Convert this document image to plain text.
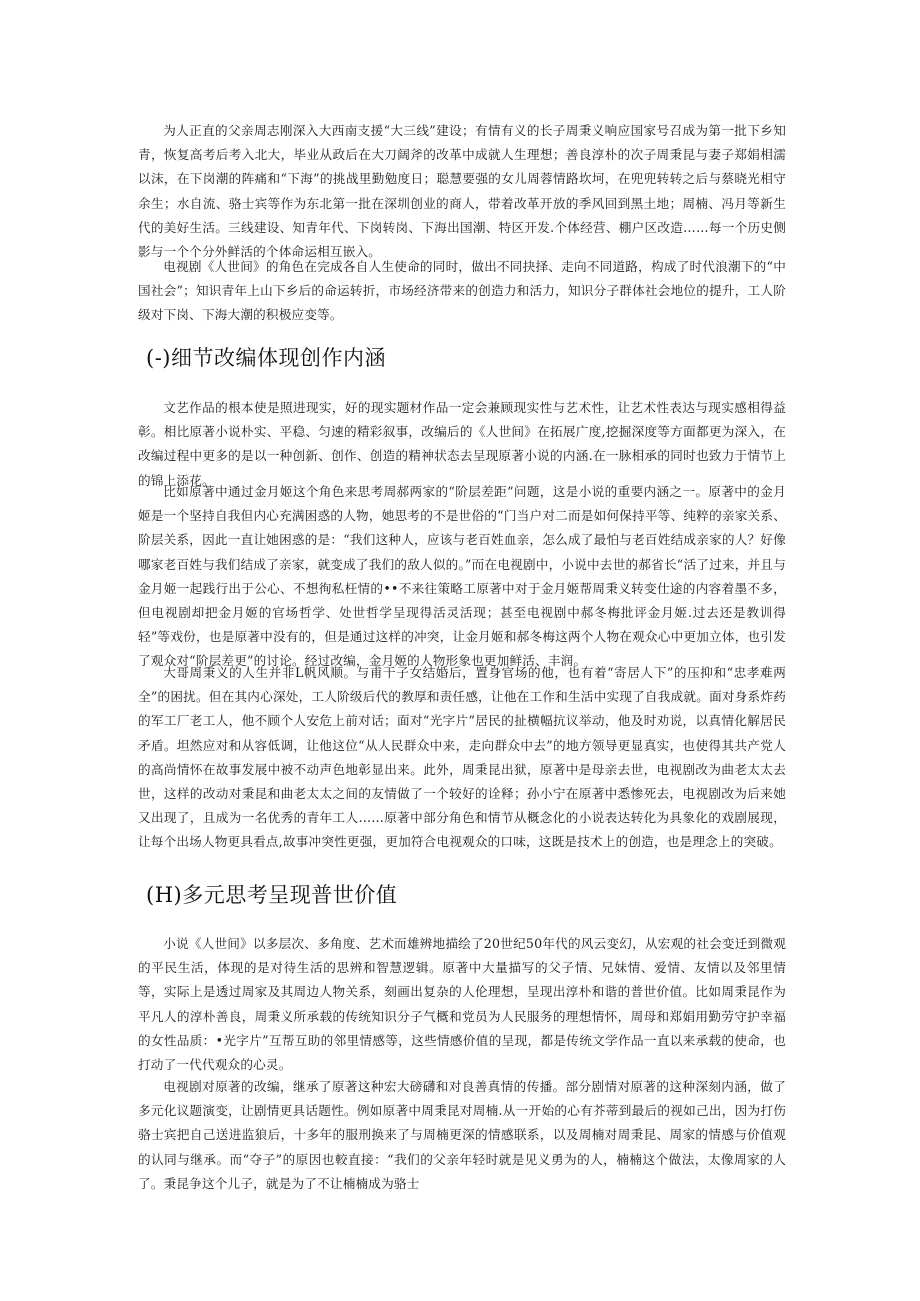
为人正直的父亲周志刚深入大西南支援“大三线”建设；有情有义的长子周秉义响应国家号召成为第一批下乡知青，恢复高考后考入北大，毕业从政后在大刀阔斧的改革中成就人生理想；善良淳朴的次子周秉昆与妻子郑娟相濡以沫，在下岗潮的阵痛和“下海”的挑战里勤勉度日；聪慧要强的女儿周蓉情路坎坷，在兜兜转转之后与蔡晓光相守余生；水自流、骆士宾等作为东北第一批在深圳创业的商人，带着改革开放的季风回到黑土地；周楠、冯月等新生代的美好生活。三线建设、知青年代、下岗转岗、下海出国潮、特区开发.个体经营、棚户区改造……每一个历史侧影与一个个分外鲜活的个体命运相互嵌入。

电视剧《人世间》的角色在完成各自人生使命的同时，做出不同抉择、走向不同道路，构成了时代浪潮下的“中国社会”；知识青年上山下乡后的命运转折，市场经济带来的创造力和活力，知识分子群体社会地位的提升，工人阶级对下岗、下海大潮的积极应变等。

(-)细节改编体现创作内涵

文艺作品的根本使是照进现实，好的现实题材作品一定会兼顾现实性与艺术性，让艺术性表达与现实感相得益彰。相比原著小说朴实、平稳、匀速的精彩叙事，改编后的《人世间》在拓展广度,挖掘深度等方面都更为深入，在改编过程中更多的是以一种创新、创作、创造的精神状态去呈现原著小说的内涵.在一脉相承的同时也致力于情节上的锦上添花。

比如原著中通过金月姬这个角色来思考周郝两家的“阶层差距”问题，这是小说的重要内涵之一。原著中的金月姬是一个坚持自我但内心充满困惑的人物，她思考的不是世俗的“门当户对二而是如何保持平等、纯粹的亲家关系、阶层关系，因此一直让她困惑的是：“我们这种人，应该与老百姓血亲，怎么成了最怕与老百姓结成亲家的人？好像哪家老百姓与我们结成了亲家，就变成了我们的敌人似的。”而在电视剧中，小说中去世的郝省长“活了过来，并且与金月姬一起践行出于公心、不想徇私枉情的••不来往策略工原著中对于金月姬帮周秉义转变仕途的内容着墨不多，但电视剧却把金月姬的官场哲学、处世哲学呈现得活灵活现；甚至电视剧中郝冬梅批评金月姬.过去还是教训得轻”等戏份，也是原著中没有的，但是通过这样的冲突，让金月姬和郝冬梅这两个人物在观众心中更加立体，也引发了观众对“阶层差更”的讨论。经过改编，金月姬的人物形象也更加鲜活、丰润。

大哥周秉义的人生并非L帆风顺。与甫干子女结婚后，置身官场的他，也有着“寄居人下”的压抑和“忠孝难两全”的困扰。但在其内心深处，工人阶级后代的教厚和责任感，让他在工作和生活中实现了自我成就。面对身系炸药的军工厂老工人，他不顾个人安危上前对话；面对“光字片”居民的扯横幅抗议举动，他及时劝说，以真情化解居民矛盾。坦然应对和从容低调，让他这位“从人民群众中来，走向群众中去”的地方领导更显真实，也使得其共产党人的高尚情怀在故事发展中被不动声色地彰显出来。此外，周秉昆出狱，原著中是母亲去世，电视剧改为曲老太太去世，这样的改动对秉昆和曲老太太之间的友情做了一个较好的诠释；孙小宁在原著中悉惨死去，电视剧改为后来她又出现了，且成为一名优秀的青年工人……原著中部分角色和情节从概念化的小说表达转化为具象化的戏剧展现，让每个出场人物更具看点,故事冲突性更强，更加符合电视观众的口味，这既是技术上的创造，也是理念上的突破。

(H)多元思考呈现普世价值

小说《人世间》以多层次、多角度、艺术而雄辨地描绘了20世纪50年代的风云变幻，从宏观的社会变迁到微观的平民生活，体现的是对待生活的思辨和智慧逻辑。原著中大量描写的父子情、兄妹情、爱情、友情以及邻里情等，实际上是透过周家及其周边人物关系，刻画出复杂的人伦理想，呈现出淳朴和谐的普世价值。比如周秉昆作为平凡人的淳朴善良，周秉义所承载的传统知识分子气概和党员为人民服务的理想情怀，周母和郑娟用勤劳守护幸福的女性品质：•光字片”互帮互助的邻里情感等，这些情感价值的呈现，都是传统文学作品一直以来承载的使命，也打动了一代代观众的心灵。

电视剧对原著的改编，继承了原著这种宏大磅礴和对良善真情的传播。部分剧情对原著的这种深刻内涵，做了多元化议题演变，让剧情更具话题性。例如原著中周秉昆对周楠.从一开始的心有芥蒂到最后的视如己出，因为打伤骆士宾把自己送进监狼后，十多年的服刑换来了与周楠更深的情感联系，以及周楠对周秉昆、周家的情感与价值观的认同与继承。而“夺子”的原因也較直接：“我们的父亲年轻时就是见义勇为的人，楠楠这个做法，太像周家的人了。秉昆争这个儿子，就是为了不让楠楠成为骆士
